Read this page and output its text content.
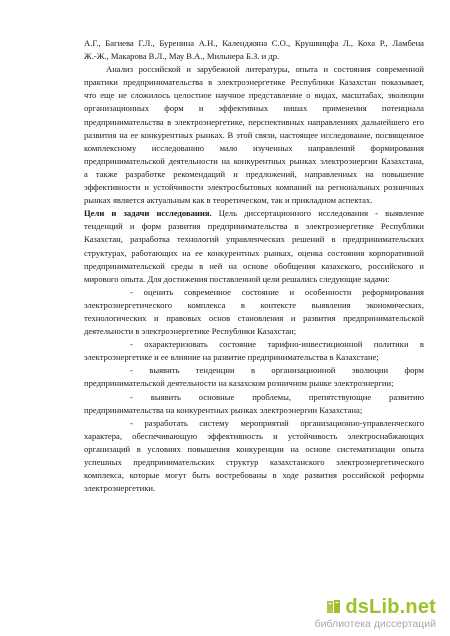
А.Г., Багиева Г.Л., Буренина А.Н., Календжяна С.О., Крушвицфа Л., Коха Р., Ламбена
Ж.-Ж., Макарова В.Л., Мау В.А., Мильнера Б.З. и др.
Анализ российской и зарубежной литературы, опыта и состояния современной
практики предпринимательства в электроэнергетике Республики Казахстан показывает,
что еще не сложилось целостное научное представление о видах, масштабах, эволюции
организационных форм и эффективных нишах применения потенциала
предпринимательства в электроэнергетике, перспективных направлениях дальнейшего его
развития на ее конкурентных рынках. В этой связи, настоящее исследование, посвященное
комплексному исследованию мало изученных направлений формирования
предпринимательской деятельности на конкурентных рынках электроэнергии Казахстана,
а также разработке рекомендаций и предложений, направленных на повышение
эффективности и устойчивости электросбытовых компаний на региональных розничных
рынках является актуальным как в теоретическом, так и прикладном аспектах.
Цели и задачи исследования. Цель диссертационного исследования - выявление
тенденций и форм развития предпринимательства в электроэнергетике Республики
Казахстан, разработка технологий управленческих решений в предпринимательских
структурах, работающих на ее конкурентных рынках, оценка состояния корпоративной
предпринимательской среды в ней на основе обобщения казахского, российского и
мирового опыта. Для достижения поставленной цели решались следующие задачи:
- оценить современное состояние и особенности реформирования
электроэнергетического комплекса в контексте выявления экономических,
технологических и правовых основ становления и развития предпринимательской
деятельности в электроэнергетике Республики Казахстан;
- охарактеризовать состояние тарифно-инвестиционной политики в
электроэнергетике и ее влияние на развитие предпринимательства в Казахстане;
- выявить тенденции в организационной эволюции форм
предпринимательской деятельности на казахском розничном рынке электроэнергии;
- выявить основные проблемы, препятствующие развитию
предпринимательства на конкурентных рынках электроэнергии Казахстана;
- разработать систему мероприятий организационно-управленческого
характера, обеспечивающую эффективность и устойчивость электроснабжающих
организаций в условиях повышения конкуренции на основе систематизации опыта
успешных предпринимательских структур казахстанского электроэнергетического
комплекса, которые могут быть востребованы в ходе развития российской реформы
электроэнергетики.
dsLib.net
библиотека диссертаций
